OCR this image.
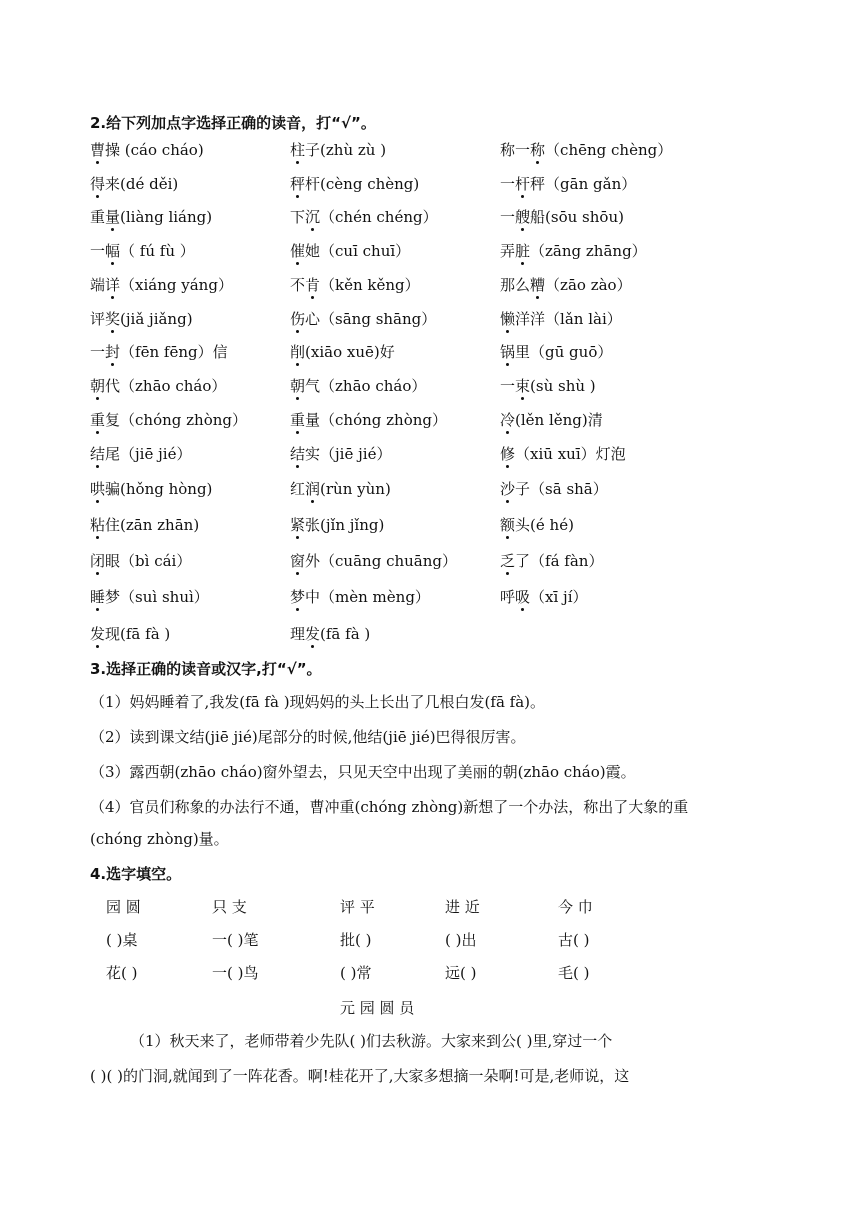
2.给下列加点字选择正确的读音，打“√”。
曹操 (cáo cháo)	柱子(zhù zù )	称一称（chēng chèng）
得来(dé děi)	秤杆(cèng chèng)	一杆秤（gān gǎn）
重量(liàng liáng)	下沉（chén chéng）	一艘船(sōu shōu)
一幅（ fú fù ）	催她（cuī chuī）	弄脏（zāng zhāng）
端详（xiáng yáng）	不肯（kěn kěng）	那么糟（zāo zào）
评奖(jiǎ jiǎng)	伤心（sāng shāng）	懒洋洋（lǎn lài）
一封（fēn fēng）信	削(xiāo xuē)好	锅里（gū guō）
朝代（zhāo cháo）	朝气（zhāo cháo）	一束(sù shù )
重复（chóng zhòng）	重量（chóng zhòng）	冷(lěn lěng)清
结尾（jiē jié）	结实（jiē jié）	修（xiū xuī）灯泡
哄骗(hǒng hòng)	红润(rùn yùn)	沙子（sā shā）
粘住(zān zhān)	紧张(jǐn jǐng)	额头(é hé)
闭眼（bì cái）	窗外（cuāng chuāng）	乏了（fá fàn）
睡梦（suì shuì）	梦中（mèn mèng）	呼吸（xī jí）
发现(fā fà )	理发(fā fà )
3.选择正确的读音或汉字,打“√”。
（1）妈妈睡着了,我发(fā fà )现妈妈的头上长出了几根白发(fā fà)。
（2）读到课文结(jiē jié)尾部分的时候,他结(jiē jié)巴得很厉害。
（3）露西朝(zhāo cháo)窗外望去，只见天空中出现了美丽的朝(zhāo cháo)霞。
（4）官员们称象的办法行不通，曹冲重(chóng zhòng)新想了一个办法，称出了大象的重
(chóng zhòng)量。
4.选字填空。
园 圆	只 支	评 平	进 近	今 巾
( )桌	一( )笔	批( )	( )出	古( )
花( )	一( )鸟	( )常	远( )	毛( )
元 园 圆 员
（1）秋天来了，老师带着少先队( )们去秋游。大家来到公( )里,穿过一个
( )( )的门洞,就闻到了一阵花香。啊!桂花开了,大家多想摘一朵啊!可是,老师说，这
